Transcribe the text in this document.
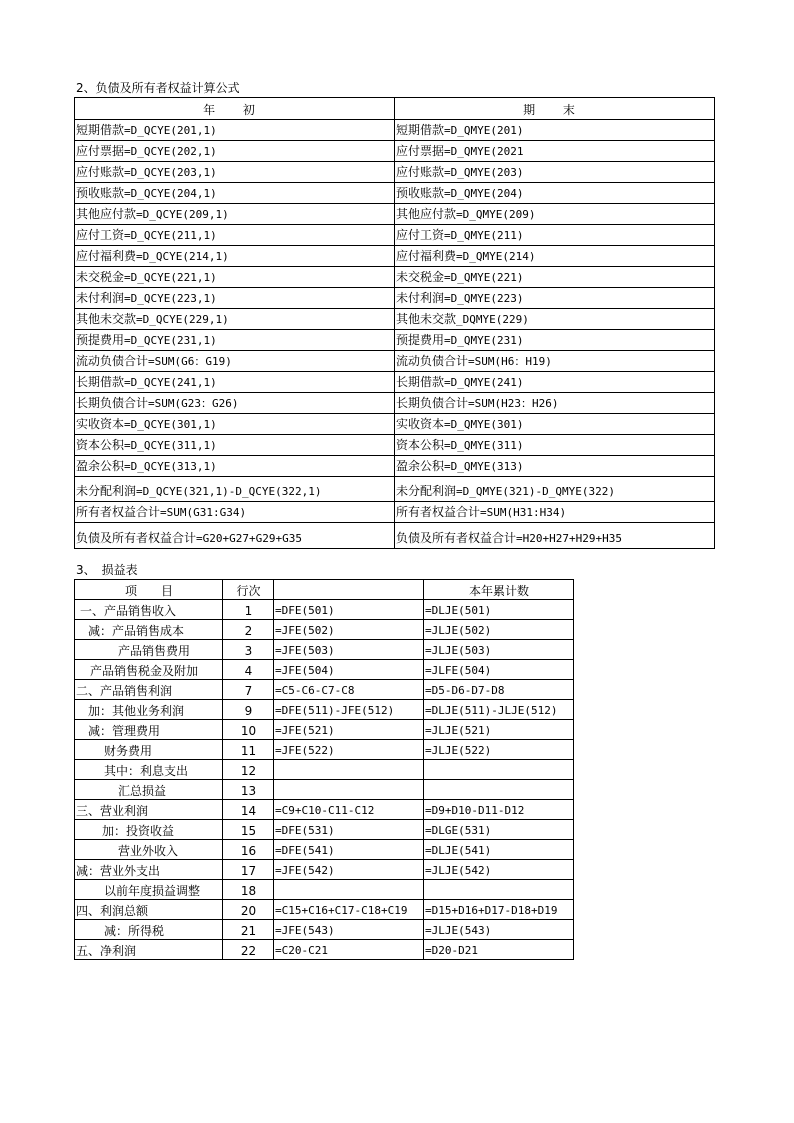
2、负债及所有者权益计算公式
年 初	期 末
短期借款=D_QCYE(201,1)	短期借款=D_QMYE(201)
应付票据=D_QCYE(202,1)	应付票据=D_QMYE(2021
应付账款=D_QCYE(203,1)	应付账款=D_QMYE(203)
预收账款=D_QCYE(204,1)	预收账款=D_QMYE(204)
其他应付款=D_QCYE(209,1)	其他应付款=D_QMYE(209)
应付工资=D_QCYE(211,1)	应付工资=D_QMYE(211)
应付福利费=D_QCYE(214,1)	应付福利费=D_QMYE(214)
未交税金=D_QCYE(221,1)	未交税金=D_QMYE(221)
未付利润=D_QCYE(223,1)	未付利润=D_QMYE(223)
其他未交款=D_QCYE(229,1)	其他未交款_DQMYE(229)
预提费用=D_QCYE(231,1)	预提费用=D_QMYE(231)
流动负债合计=SUM(G6：G19)	流动负债合计=SUM(H6：H19)
长期借款=D_QCYE(241,1)	长期借款=D_QMYE(241)
长期负债合计=SUM(G23：G26)	长期负债合计=SUM(H23：H26)
实收资本=D_QCYE(301,1)	实收资本=D_QMYE(301)
资本公积=D_QCYE(311,1)	资本公积=D_QMYE(311)
盈余公积=D_QCYE(313,1)	盈余公积=D_QMYE(313)
未分配利润=D_QCYE(321,1)-D_QCYE(322,1)	未分配利润=D_QMYE(321)-D_QMYE(322)
所有者权益合计=SUM(G31:G34)	所有者权益合计=SUM(H31:H34)
负债及所有者权益合计=G20+G27+G29+G35	负债及所有者权益合计=H20+H27+H29+H35
3、　损益表
项　　目	行次		本年累计数
一、产品销售收入	1	=DFE(501)	=DLJE(501)
减：产品销售成本	2	=JFE(502)	=JLJE(502)
产品销售费用	3	=JFE(503)	=JLJE(503)
产品销售税金及附加	4	=JFE(504)	=JLFE(504)
二、产品销售利润	7	=C5-C6-C7-C8	=D5-D6-D7-D8
加：其他业务利润	9	=DFE(511)-JFE(512)	=DLJE(511)-JLJE(512)
减：管理费用	10	=JFE(521)	=JLJE(521)
财务费用	11	=JFE(522)	=JLJE(522)
其中：利息支出	12		
汇总损益	13		
三、营业利润	14	=C9+C10-C11-C12	=D9+D10-D11-D12
加：投资收益	15	=DFE(531)	=DLGE(531)
营业外收入	16	=DFE(541)	=DLJE(541)
减：营业外支出	17	=JFE(542)	=JLJE(542)
以前年度损益调整	18		
四、利润总额	20	=C15+C16+C17-C18+C19	=D15+D16+D17-D18+D19
减：所得税	21	=JFE(543)	=JLJE(543)
五、净利润	22	=C20-C21	=D20-D21
